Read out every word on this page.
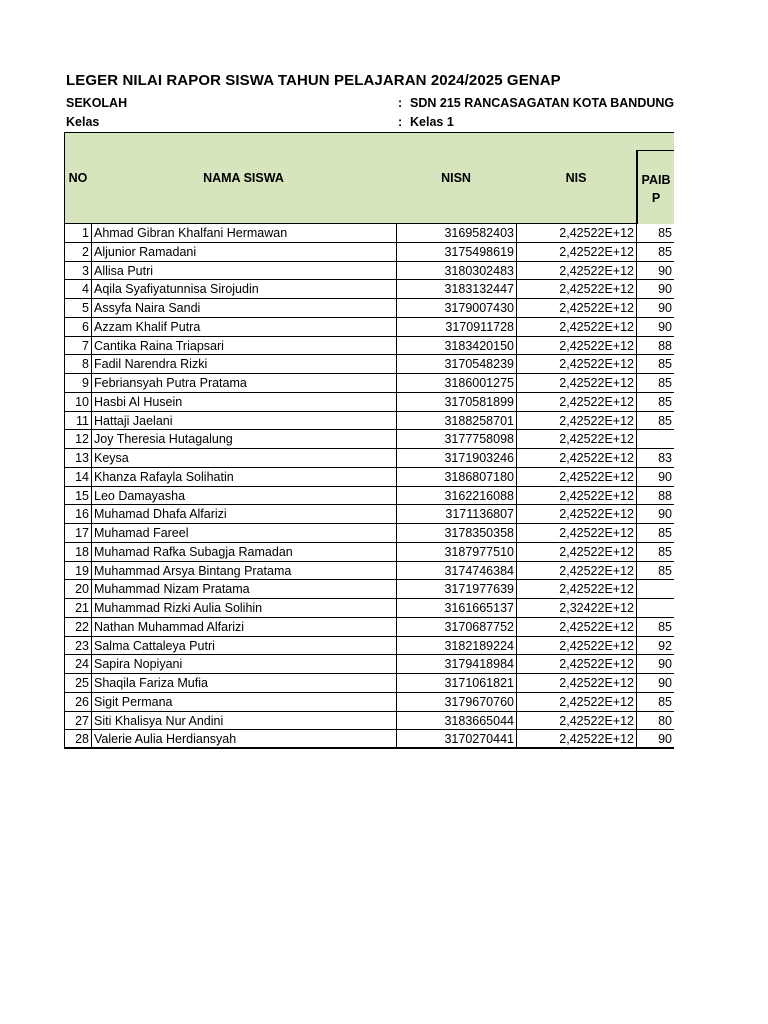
LEGER NILAI RAPOR SISWA TAHUN PELAJARAN 2024/2025 GENAP
SEKOLAH	: SDN 215 RANCASAGATAN KOTA BANDUNG
Kelas	: Kelas 1
NO	NAMA SISWA	NISN	NIS	PAIB P
1 Ahmad Gibran Khalfani Hermawan	3169582403	2,42522E+12	85
2 Aljunior Ramadani	3175498619	2,42522E+12	85
3 Allisa Putri	3180302483	2,42522E+12	90
4 Aqila Syafiyatunnisa Sirojudin	3183132447	2,42522E+12	90
5 Assyfa Naira Sandi	3179007430	2,42522E+12	90
6 Azzam Khalif Putra	3170911728	2,42522E+12	90
7 Cantika Raina Triapsari	3183420150	2,42522E+12	88
8 Fadil Narendra Rizki	3170548239	2,42522E+12	85
9 Febriansyah Putra Pratama	3186001275	2,42522E+12	85
10 Hasbi Al Husein	3170581899	2,42522E+12	85
11 Hattaji Jaelani	3188258701	2,42522E+12	85
12 Joy Theresia Hutagalung	3177758098	2,42522E+12
13 Keysa	3171903246	2,42522E+12	83
14 Khanza Rafayla Solihatin	3186807180	2,42522E+12	90
15 Leo Damayasha	3162216088	2,42522E+12	88
16 Muhamad Dhafa Alfarizi	3171136807	2,42522E+12	90
17 Muhamad Fareel	3178350358	2,42522E+12	85
18 Muhamad Rafka Subagja Ramadan	3187977510	2,42522E+12	85
19 Muhammad Arsya Bintang Pratama	3174746384	2,42522E+12	85
20 Muhammad Nizam Pratama	3171977639	2,42522E+12
21 Muhammad Rizki Aulia Solihin	3161665137	2,32422E+12
22 Nathan Muhammad Alfarizi	3170687752	2,42522E+12	85
23 Salma Cattaleya Putri	3182189224	2,42522E+12	92
24 Sapira Nopiyani	3179418984	2,42522E+12	90
25 Shaqila Fariza Mufia	3171061821	2,42522E+12	90
26 Sigit Permana	3179670760	2,42522E+12	85
27 Siti Khalisya Nur Andini	3183665044	2,42522E+12	80
28 Valerie Aulia Herdiansyah	3170270441	2,42522E+12	90
